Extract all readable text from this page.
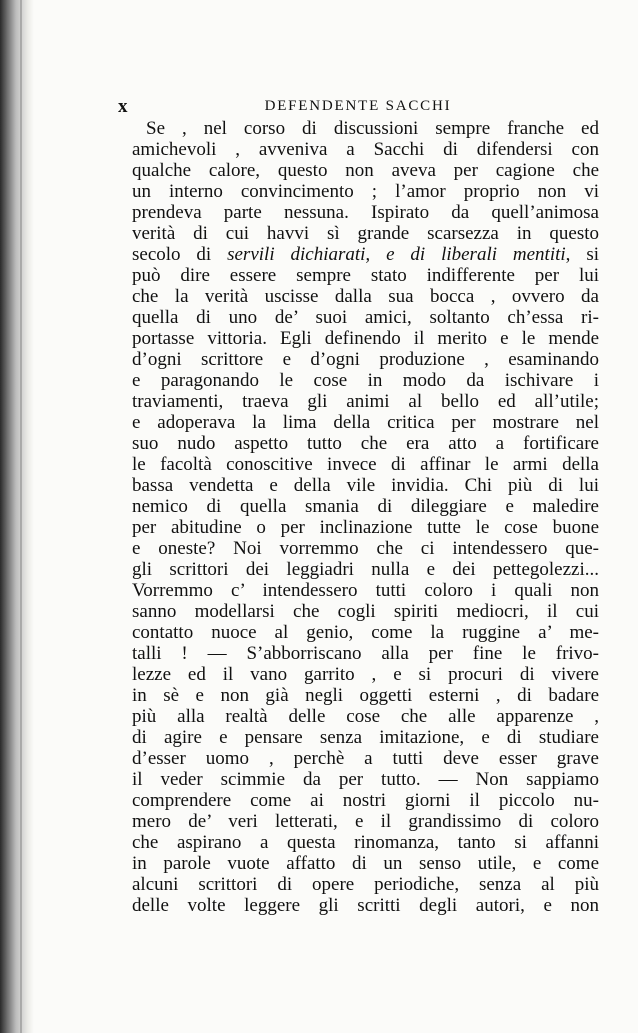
x	DEFENDENTE SACCHI
Se , nel corso di discussioni sempre franche ed
amichevoli , avveniva a Sacchi di difendersi con
qualche calore, questo non aveva per cagione che
un interno convincimento ; l’amor proprio non vi
prendeva parte nessuna. Ispirato da quell’animosa
verità di cui havvi sì grande scarsezza in questo
secolo di servili dichiarati, e di liberali mentiti, si
può dire essere sempre stato indifferente per lui
che la verità uscisse dalla sua bocca , ovvero da
quella di uno de’ suoi amici, soltanto ch’essa ri-
portasse vittoria. Egli definendo il merito e le mende
d’ogni scrittore e d’ogni produzione , esaminando
e paragonando le cose in modo da ischivare i
traviamenti, traeva gli animi al bello ed all’utile;
e adoperava la lima della critica per mostrare nel
suo nudo aspetto tutto che era atto a fortificare
le facoltà conoscitive invece di affinar le armi della
bassa vendetta e della vile invidia. Chi più di lui
nemico di quella smania di dileggiare e maledire
per abitudine o per inclinazione tutte le cose buone
e oneste? Noi vorremmo che ci intendessero que-
gli scrittori dei leggiadri nulla e dei pettegolezzi...
Vorremmo c’ intendessero tutti coloro i quali non
sanno modellarsi che cogli spiriti mediocri, il cui
contatto nuoce al genio, come la ruggine a’ me-
talli ! — S’abborriscano alla per fine le frivo-
lezze ed il vano garrito , e si procuri di vivere
in sè e non già negli oggetti esterni , di badare
più alla realtà delle cose che alle apparenze ,
di agire e pensare senza imitazione, e di studiare
d’esser uomo , perchè a tutti deve esser grave
il veder scimmie da per tutto. — Non sappiamo
comprendere come ai nostri giorni il piccolo nu-
mero de’ veri letterati, e il grandissimo di coloro
che aspirano a questa rinomanza, tanto si affanni
in parole vuote affatto di un senso utile, e come
alcuni scrittori di opere periodiche, senza al più
delle volte leggere gli scritti degli autori, e non
